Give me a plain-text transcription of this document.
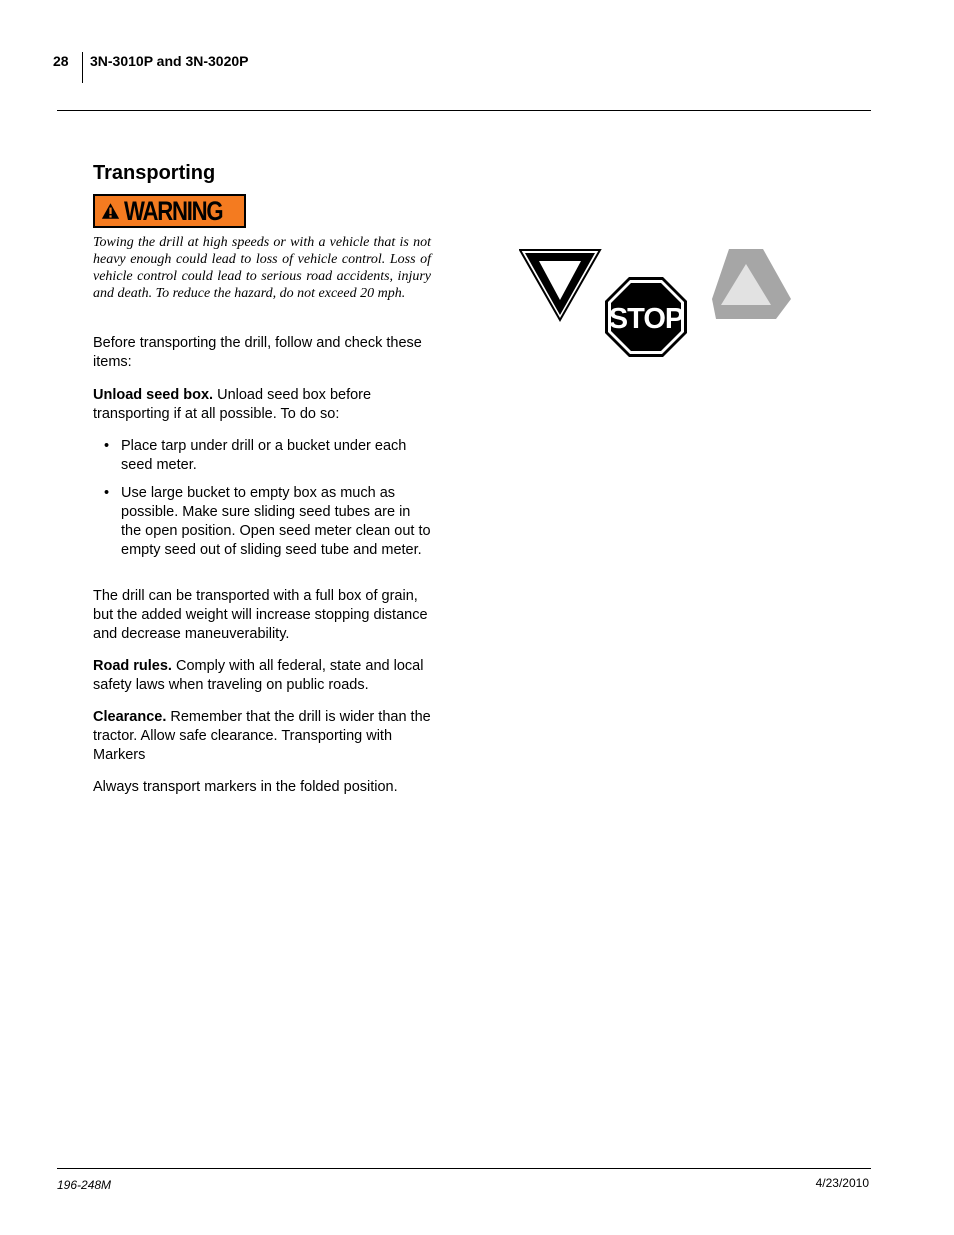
28 3N-3010P and 3N-3020P
Transporting
WARNING
Towing the drill at high speeds or with a vehicle that is not heavy enough could lead to loss of vehicle control. Loss of vehicle control could lead to serious road accidents, injury and death. To reduce the hazard, do not exceed 20 mph.
Before transporting the drill, follow and check these items:
Unload seed box. Unload seed box before transporting if at all possible. To do so:
• Place tarp under drill or a bucket under each seed meter.
• Use large bucket to empty box as much as possible. Make sure sliding seed tubes are in the open position. Open seed meter clean out to empty seed out of sliding seed tube and meter.
The drill can be transported with a full box of grain, but the added weight will increase stopping distance and decrease maneuverability.
Road rules. Comply with all federal, state and local safety laws when traveling on public roads.
Clearance. Remember that the drill is wider than the tractor. Allow safe clearance. Transporting with Markers
Always transport markers in the folded position.
STOP
196-248M	4/23/2010
